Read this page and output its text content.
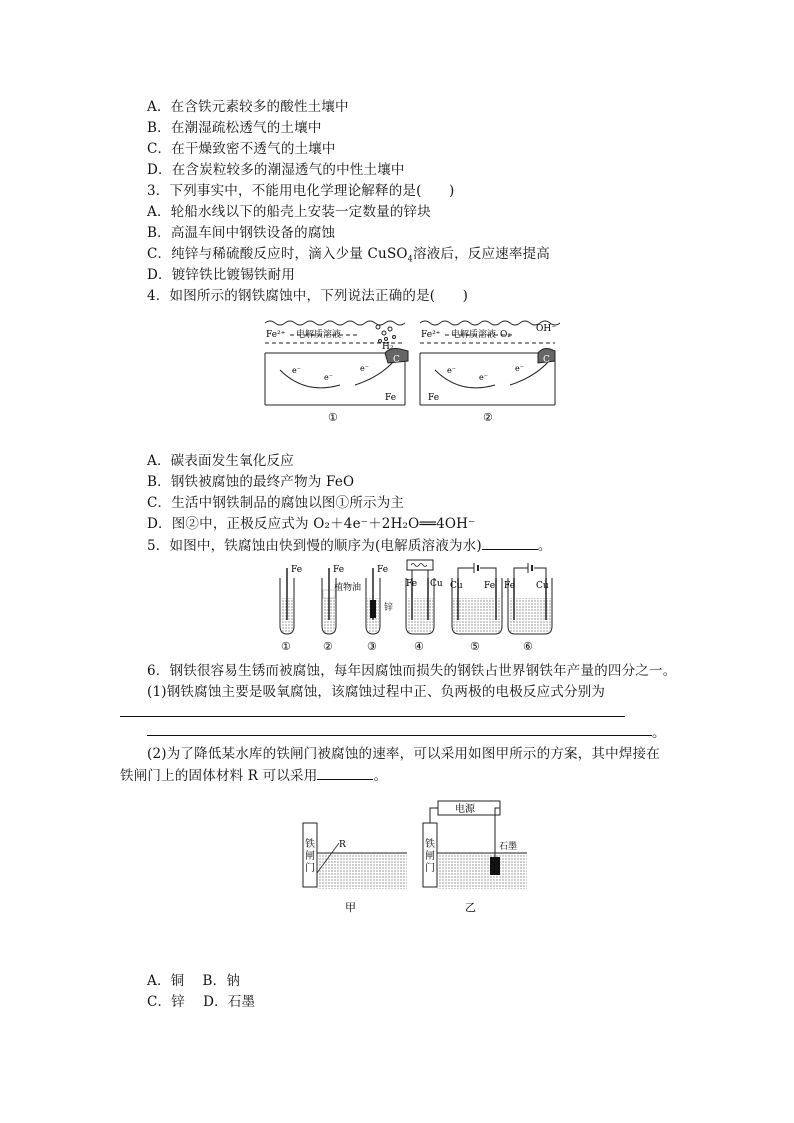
A．在含铁元素较多的酸性土壤中
B．在潮湿疏松透气的土壤中
C．在干燥致密不透气的土壤中
D．在含炭粒较多的潮湿透气的中性土壤中
3．下列事实中，不能用电化学理论解释的是(　　)
A．轮船水线以下的船壳上安装一定数量的锌块
B．高温车间中钢铁设备的腐蚀
C．纯锌与稀硫酸反应时，滴入少量 CuSO$_4$溶液后，反应速率提高
D．镀锌铁比镀锡铁耐用
4．如图所示的钢铁腐蚀中，下列说法正确的是(　　)
Fe²⁺ 电解质溶液
H₂
C
e⁻
e⁻
e⁻
Fe
①
Fe²⁺ 电解质溶液 O₂
OH⁻
C
e⁻
e⁻
e⁻
Fe
②
A．碳表面发生氧化反应
B．钢铁被腐蚀的最终产物为 FeO
C．生活中钢铁制品的腐蚀以图①所示为主
D．图②中，正极反应式为 O₂＋4e⁻＋2H₂O══4OH⁻
5．如图中，铁腐蚀由快到慢的顺序为(电解质溶液为水)	。
Fe	Fe
植物油
Fe
锌
Fe Cu Cu Fe Fe Cu
①	②	③	④	⑤	⑥
6．钢铁很容易生锈而被腐蚀，每年因腐蚀而损失的钢铁占世界钢铁年产量的四分之一。
(1)钢铁腐蚀主要是吸氧腐蚀，该腐蚀过程中正、负两极的电极反应式分别为
。
(2)为了降低某水库的铁闸门被腐蚀的速率，可以采用如图甲所示的方案，其中焊接在
铁闸门上的固体材料 R 可以采用	。
铁
闸
门
R
甲
电源
石墨
铁
闸
门
乙
A．铜　 B．钠
C．锌　 D．石墨
